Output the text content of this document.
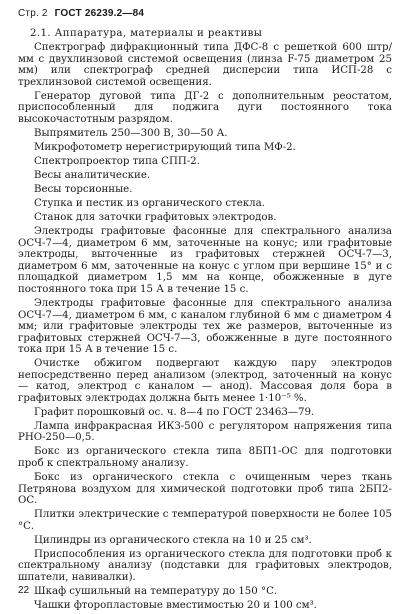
Стр. 2 ГОСТ 26239.2—84

2.1. Аппаратура, материалы и реактивы

Спектрограф дифракционный типа ДФС-8 с решеткой 600 штр/мм с двухлинзовой системой освещения (линза F-75 диаметром 25 мм) или спектрограф средней дисперсии типа ИСП-28 с трехлинзовой системой освещения.

Генератор дуговой типа ДГ-2 с дополнительным реостатом, приспособленный для поджига дуги постоянного тока высокочастотным разрядом.

Выпрямитель 250—300 В, 30—50 А.

Микрофотометр нерегистрирующий типа МФ-2.

Спектропроектор типа СПП-2.

Весы аналитические.

Весы торсионные.

Ступка и пестик из органического стекла.

Станок для заточки графитовых электродов.

Электроды графитовые фасонные для спектрального анализа ОСЧ-7—4, диаметром 6 мм, заточенные на конус; или графитовые электроды, выточенные из графитовых стержней ОСЧ-7—3, диаметром 6 мм, заточенные на конус с углом при вершине 15° и с площадкой диаметром 1,5 мм на конце, обожженные в дуге постоянного тока при 15 А в течение 15 с.

Электроды графитовые фасонные для спектрального анализа ОСЧ-7—4, диаметром 6 мм, с каналом глубиной 6 мм с диаметром 4 мм; или графитовые электроды тех же размеров, выточенные из графитовых стержней ОСЧ-7—3, обожженные в дуге постоянного тока при 15 А в течение 15 с.

Очистке обжигом подвергают каждую пару электродов непосредственно перед анализом (электрод, заточенный на конус — катод, электрод с каналом — анод). Массовая доля бора в графитовых электродах должна быть менее 1·10⁻⁵ %.

Графит порошковый ос. ч. 8—4 по ГОСТ 23463—79.

Лампа инфракрасная ИКЗ-500 с регулятором напряжения типа РНО-250—0,5.

Бокс из органического стекла типа 8БП1-ОС для подготовки проб к спектральному анализу.

Бокс из органического стекла с очищенным через ткань Петрянова воздухом для химической подготовки проб типа 2БП2-ОС.

Плитки электрические с температурой поверхности не более 105 °С.

Цилиндры из органического стекла на 10 и 25 см³.

Приспособления из органического стекла для подготовки проб к спектральному анализу (подставки для графитовых электродов, шпатели, навивалки).

Шкаф сушильный на температуру до 150 °С.

Чашки фторопластовые вместимостью 20 и 100 см³.

22
